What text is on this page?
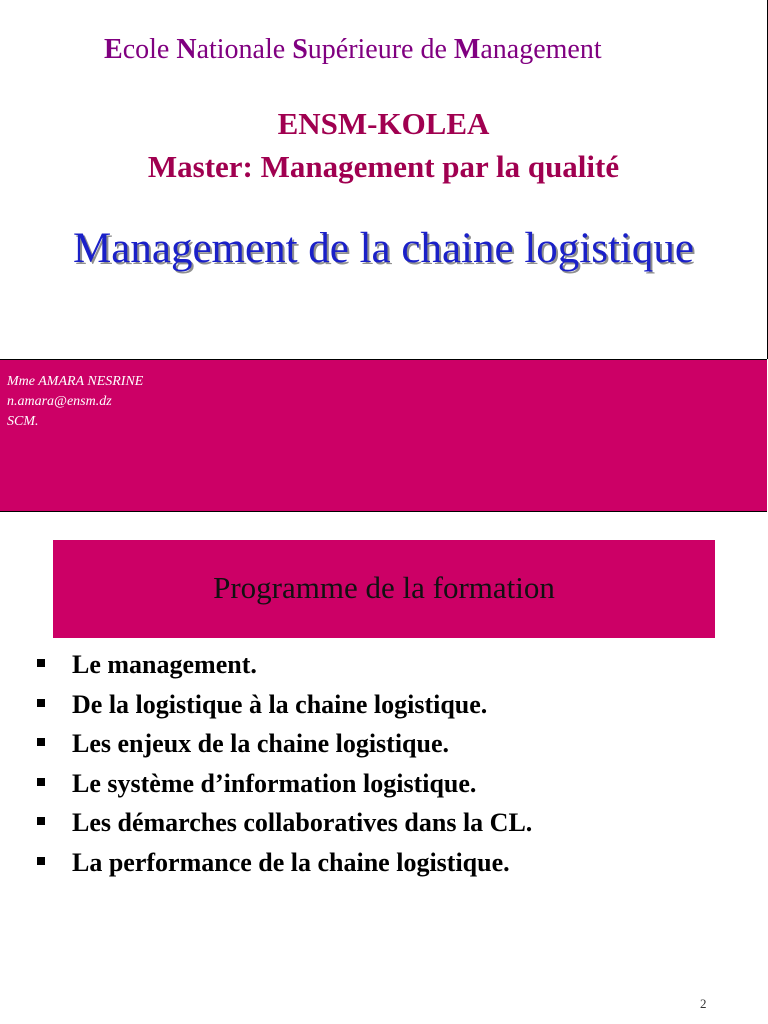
Ecole Nationale Supérieure de Management
ENSM-KOLEA
Master: Management par la qualité
Management de la chaine logistique
Mme AMARA NESRINE
n.amara@ensm.dz
SCM.
Programme de la formation
Le management.
De la logistique à la chaine logistique.
Les enjeux de la chaine logistique.
Le système d’information logistique.
Les démarches collaboratives dans la CL.
La performance de la chaine logistique.
2
